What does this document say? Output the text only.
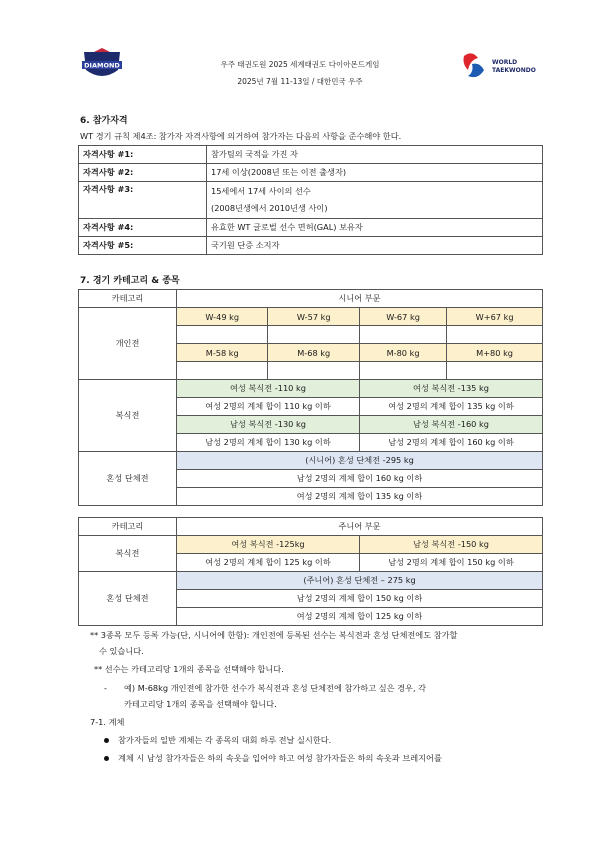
DIAMOND	WORLD
TAEKWONDO
우주 태권도원 2025 세계태권도 다이아몬드게임
2025년 7월 11-13일 / 대한민국 우주
6. 참가자격
WT 경기 규칙 제4조: 참가자 자격사항에 의거하여 참가자는 다음의 사항을 준수해야 한다.
자격사항 #1:	참가팀의 국적을 가진 자
자격사항 #2:	17세 이상(2008년 또는 이전 출생자)
자격사항 #3:	15세에서 17세 사이의 선수
(2008년생에서 2010년생 사이)
자격사항 #4:	유효한 WT 글로벌 선수 면허(GAL) 보유자
자격사항 #5:	국기원 단증 소지자
7. 경기 카테고리 & 종목
카테고리	시니어 부문			
개인전	W-49 kg	W-57 kg	W-67 kg	W+67 kg

	M-58 kg	M-68 kg	M-80 kg	M+80 kg

복식전	여성 복식전 -110 kg		여성 복식전 -135 kg	
	여성 2명의 계체 합이 110 kg 이하		여성 2명의 계체 합이 135 kg 이하	
	남성 복식전 -130 kg		남성 복식전 -160 kg	
	남성 2명의 계체 합이 130 kg 이하		남성 2명의 계체 합이 160 kg 이하	
혼성 단체전	(시니어) 혼성 단체전 -295 kg			
	남성 2명의 계체 합이 160 kg 이하			
	여성 2명의 계체 합이 135 kg 이하			
카테고리	주니어 부문	
복식전	여성 복식전 -125kg	남성 복식전 -150 kg
	여성 2명의 계체 합이 125 kg 이하	남성 2명의 계체 합이 150 kg 이하
혼성 단체전	(주니어) 혼성 단체전 – 275 kg	
	남성 2명의 계체 합이 150 kg 이하	
	여성 2명의 계체 합이 125 kg 이하	
** 3종목 모두 등록 가능(단, 시니어에 한함): 개인전에 등록된 선수는 복식전과 혼성 단체전에도 참가할
수 있습니다.
** 선수는 카테고리당 1개의 종목을 선택해야 합니다.
- 예) M-68kg 개인전에 참가한 선수가 복식전과 혼성 단체전에 참가하고 싶은 경우, 각
카테고리당 1개의 종목을 선택해야 합니다.
7-1. 계체
참가자들의 일반 계체는 각 종목의 대회 하루 전날 실시한다.
계체 시 남성 참가자들은 하의 속옷을 입어야 하고 여성 참가자들은 하의 속옷과 브레지어를
